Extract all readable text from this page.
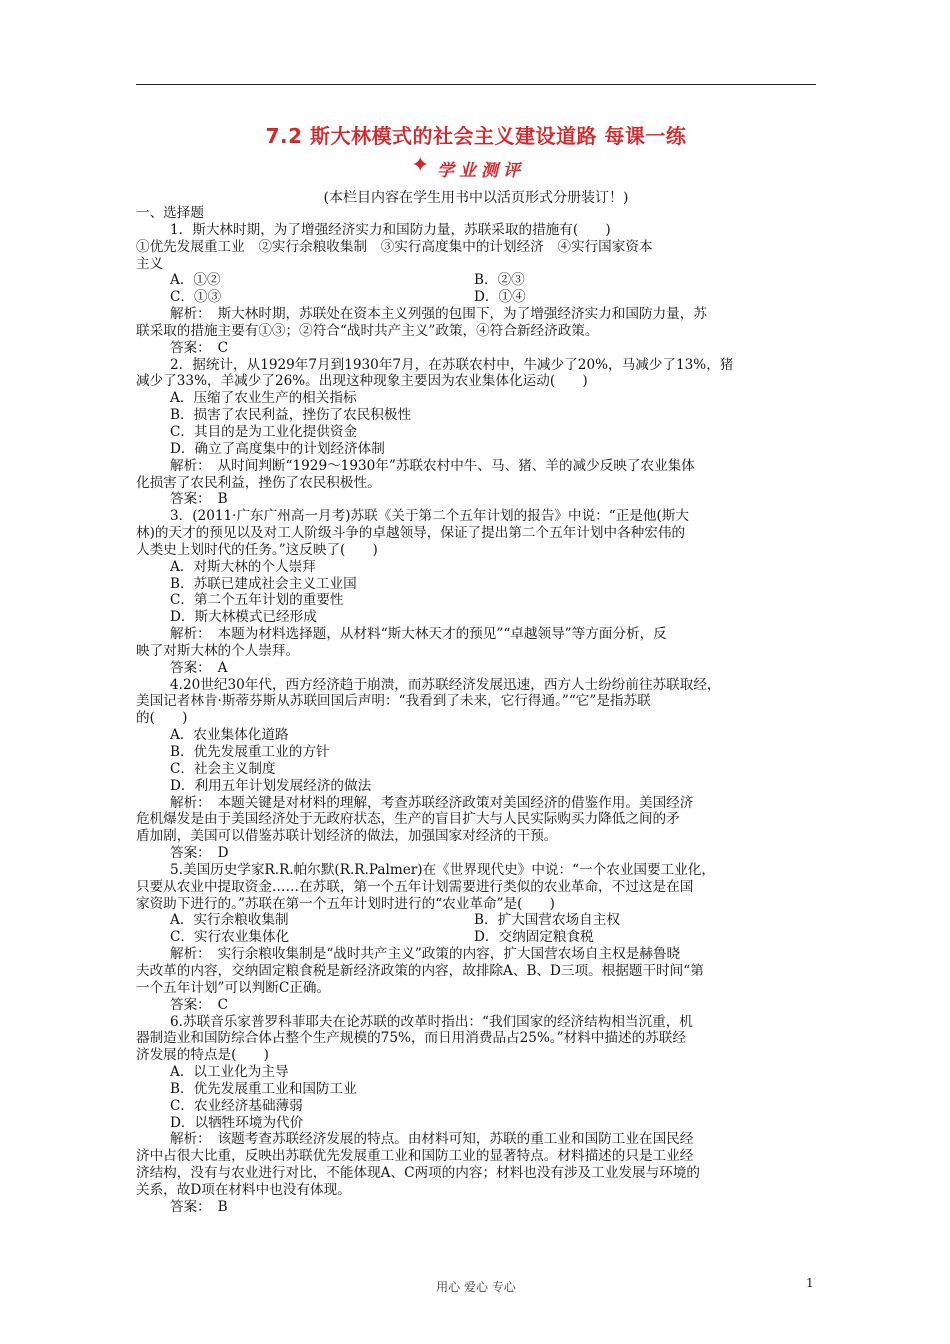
7.2 斯大林模式的社会主义建设道路 每课一练
✦ 学业测评
(本栏目内容在学生用书中以活页形式分册装订！)

一、选择题

1．斯大林时期，为了增强经济实力和国防力量，苏联采取的措施有(　　)

①优先发展重工业　②实行余粮收集制　③实行高度集中的计划经济　④实行国家资本

主义

A．①②	B．②③
C．①③	D．①④

解析：　斯大林时期，苏联处在资本主义列强的包围下，为了增强经济实力和国防力量，苏

联采取的措施主要有①③；②符合“战时共产主义”政策，④符合新经济政策。

答案：　C

2．据统计，从1929年7月到1930年7月，在苏联农村中，牛减少了20%，马减少了13%，猪

减少了33%，羊减少了26%。出现这种现象主要因为农业集体化运动(　　)

A．压缩了农业生产的相关指标

B．损害了农民利益，挫伤了农民积极性

C．其目的是为工业化提供资金

D．确立了高度集中的计划经济体制

解析：　从时间判断“1929～1930年”苏联农村中牛、马、猪、羊的减少反映了农业集体

化损害了农民利益，挫伤了农民积极性。

答案：　B

3．(2011·广东广州高一月考)苏联《关于第二个五年计划的报告》中说：“正是他(斯大

林)的天才的预见以及对工人阶级斗争的卓越领导，保证了提出第二个五年计划中各种宏伟的

人类史上划时代的任务。”这反映了(　　)

A．对斯大林的个人崇拜

B．苏联已建成社会主义工业国

C．第二个五年计划的重要性

D．斯大林模式已经形成

解析：　本题为材料选择题，从材料“斯大林天才的预见”“卓越领导”等方面分析，反

映了对斯大林的个人崇拜。

答案：　A

4.20世纪30年代，西方经济趋于崩溃，而苏联经济发展迅速，西方人士纷纷前往苏联取经，

美国记者林肯·斯蒂芬斯从苏联回国后声明：“我看到了未来，它行得通。”“它”是指苏联

的(　　)

A．农业集体化道路

B．优先发展重工业的方针

C．社会主义制度

D．利用五年计划发展经济的做法

解析：　本题关键是对材料的理解，考查苏联经济政策对美国经济的借鉴作用。美国经济

危机爆发是由于美国经济处于无政府状态，生产的盲目扩大与人民实际购买力降低之间的矛

盾加剧，美国可以借鉴苏联计划经济的做法，加强国家对经济的干预。

答案：　D

5.美国历史学家R.R.帕尔默(R.R.Palmer)在《世界现代史》中说：“一个农业国要工业化，

只要从农业中提取资金……在苏联，第一个五年计划需要进行类似的农业革命，不过这是在国

家资助下进行的。”苏联在第一个五年计划时进行的“农业革命”是(　　)

A．实行余粮收集制	B．扩大国营农场自主权
C．实行农业集体化	D．交纳固定粮食税

解析：　实行余粮收集制是“战时共产主义”政策的内容，扩大国营农场自主权是赫鲁晓

夫改革的内容，交纳固定粮食税是新经济政策的内容，故排除A、B、D三项。根据题干时间“第

一个五年计划”可以判断C正确。

答案：　C

6.苏联音乐家普罗科菲耶夫在论苏联的改革时指出：“我们国家的经济结构相当沉重，机

器制造业和国防综合体占整个生产规模的75%，而日用消费品占25%。”材料中描述的苏联经

济发展的特点是(　　)

A．以工业化为主导

B．优先发展重工业和国防工业

C．农业经济基础薄弱

D．以牺牲环境为代价

解析：　该题考查苏联经济发展的特点。由材料可知，苏联的重工业和国防工业在国民经

济中占很大比重，反映出苏联优先发展重工业和国防工业的显著特点。材料描述的只是工业经

济结构，没有与农业进行对比，不能体现A、C两项的内容；材料也没有涉及工业发展与环境的

关系，故D项在材料中也没有体现。

答案：　B

用心 爱心 专心	1
